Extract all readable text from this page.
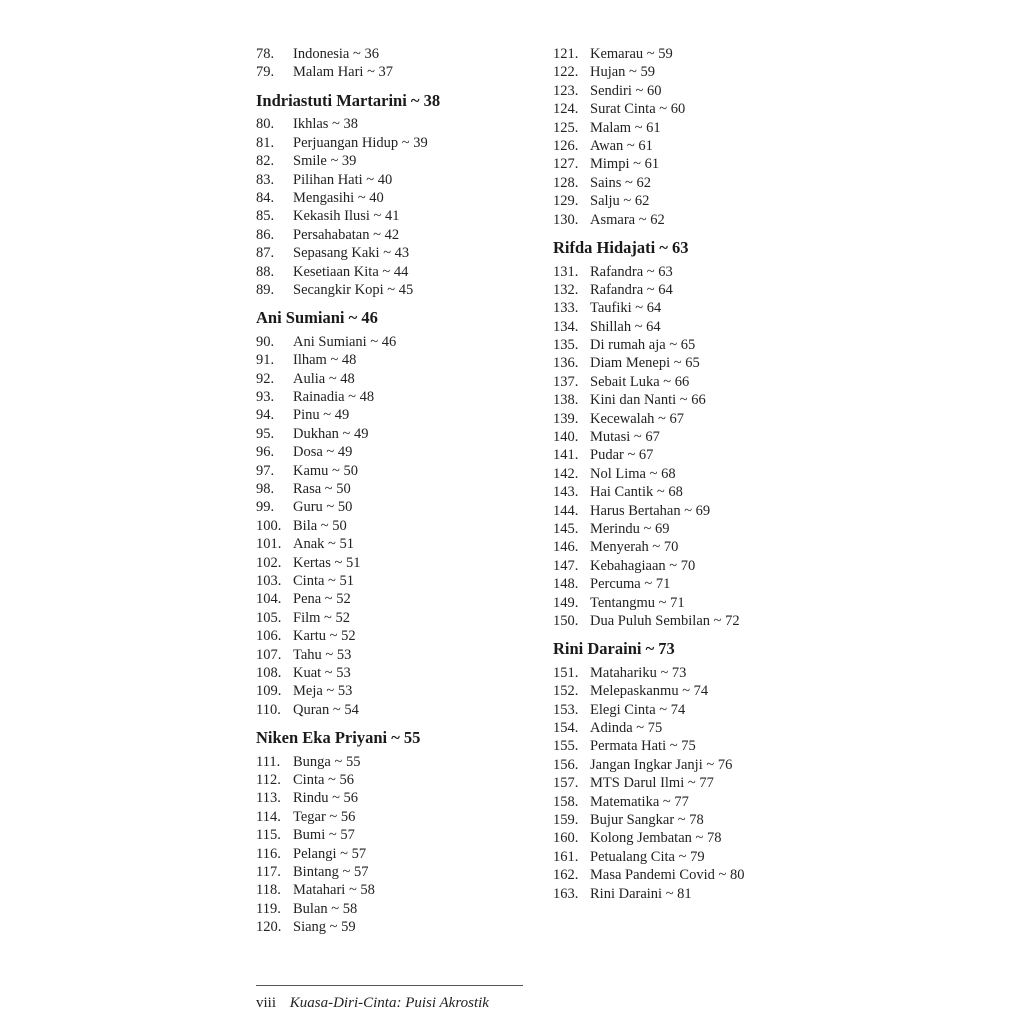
78. Indonesia ~ 36
79. Malam Hari ~ 37
Indriastuti Martarini ~ 38
80. Ikhlas ~ 38
81. Perjuangan Hidup ~ 39
82. Smile ~ 39
83. Pilihan Hati ~ 40
84. Mengasihi ~ 40
85. Kekasih Ilusi ~ 41
86. Persahabatan ~ 42
87. Sepasang Kaki ~ 43
88. Kesetiaan Kita ~ 44
89. Secangkir Kopi ~ 45
Ani Sumiani ~ 46
90. Ani Sumiani ~ 46
91. Ilham ~ 48
92. Aulia ~ 48
93. Rainadia ~ 48
94. Pinu ~ 49
95. Dukhan ~ 49
96. Dosa ~ 49
97. Kamu ~ 50
98. Rasa ~ 50
99. Guru ~ 50
100. Bila ~ 50
101. Anak ~ 51
102. Kertas ~ 51
103. Cinta ~ 51
104. Pena ~ 52
105. Film ~ 52
106. Kartu ~ 52
107. Tahu ~ 53
108. Kuat ~ 53
109. Meja ~ 53
110. Quran ~ 54
Niken Eka Priyani ~ 55
111. Bunga ~ 55
112. Cinta ~ 56
113. Rindu ~ 56
114. Tegar ~ 56
115. Bumi ~ 57
116. Pelangi ~ 57
117. Bintang ~ 57
118. Matahari ~ 58
119. Bulan ~ 58
120. Siang ~ 59
121. Kemarau ~ 59
122. Hujan ~ 59
123. Sendiri ~ 60
124. Surat Cinta ~ 60
125. Malam ~ 61
126. Awan ~ 61
127. Mimpi ~ 61
128. Sains ~ 62
129. Salju ~ 62
130. Asmara ~ 62
Rifda Hidajati ~ 63
131. Rafandra ~ 63
132. Rafandra ~ 64
133. Taufiki ~ 64
134. Shillah ~ 64
135. Di rumah aja ~ 65
136. Diam Menepi ~ 65
137. Sebait Luka ~ 66
138. Kini dan Nanti ~ 66
139. Kecewalah ~ 67
140. Mutasi ~ 67
141. Pudar ~ 67
142. Nol Lima ~ 68
143. Hai Cantik ~ 68
144. Harus Bertahan ~ 69
145. Merindu ~ 69
146. Menyerah ~ 70
147. Kebahagiaan ~ 70
148. Percuma ~ 71
149. Tentangmu ~ 71
150. Dua Puluh Sembilan ~ 72
Rini Daraini ~ 73
151. Matahariku ~ 73
152. Melepaskanmu ~ 74
153. Elegi Cinta ~ 74
154. Adinda ~ 75
155. Permata Hati ~ 75
156. Jangan Ingkar Janji ~ 76
157. MTS Darul Ilmi ~ 77
158. Matematika ~ 77
159. Bujur Sangkar ~ 78
160. Kolong Jembatan ~ 78
161. Petualang Cita ~ 79
162. Masa Pandemi Covid ~ 80
163. Rini Daraini ~ 81
viii Kuasa-Diri-Cinta: Puisi Akrostik
